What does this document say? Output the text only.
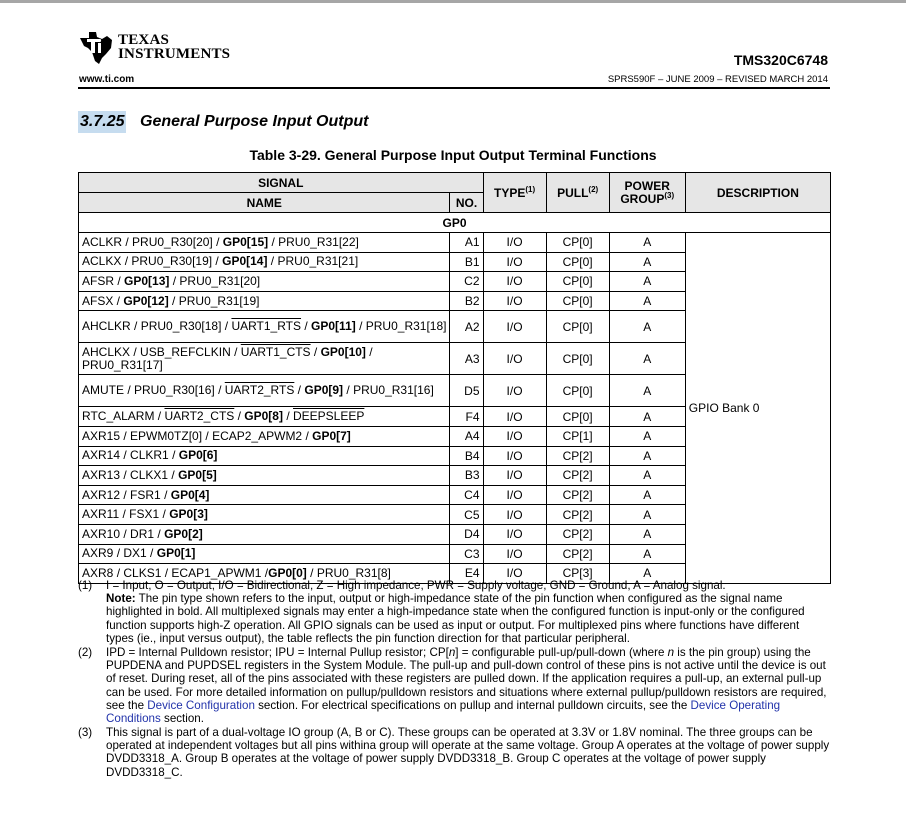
TEXAS
INSTRUMENTS
www.ti.com
TMS320C6748
SPRS590F – JUNE 2009 – REVISED MARCH 2014
3.7.25 General Purpose Input Output
Table 3-29. General Purpose Input Output Terminal Functions
SIGNAL		TYPE$^{(1)}$	PULL$^{(2)}$	POWER GROUP$^{(3)}$	DESCRIPTION
NAME	NO.				
GP0					
ACLKR / PRU0_R30[20] / GP0[15] / PRU0_R31[22]	A1	I/O	CP[0]	A	GPIO Bank 0
ACLKX / PRU0_R30[19] / GP0[14] / PRU0_R31[21]	B1	I/O	CP[0]	A	
AFSR / GP0[13] / PRU0_R31[20]	C2	I/O	CP[0]	A	
AFSX / GP0[12] / PRU0_R31[19]	B2	I/O	CP[0]	A	
AHCLKR / PRU0_R30[18] / UART1_RTS / GP0[11] / PRU0_R31[18]	A2	I/O	CP[0]	A	
AHCLKX / USB_REFCLKIN / UART1_CTS / GP0[10] / PRU0_R31[17]	A3	I/O	CP[0]	A	
AMUTE / PRU0_R30[16] / UART2_RTS / GP0[9] / PRU0_R31[16]	D5	I/O	CP[0]	A	
RTC_ALARM / UART2_CTS / GP0[8] / DEEPSLEEP	F4	I/O	CP[0]	A	
AXR15 / EPWM0TZ[0] / ECAP2_APWM2 / GP0[7]	A4	I/O	CP[1]	A	
AXR14 / CLKR1 / GP0[6]	B4	I/O	CP[2]	A	
AXR13 / CLKX1 / GP0[5]	B3	I/O	CP[2]	A	
AXR12 / FSR1 / GP0[4]	C4	I/O	CP[2]	A	
AXR11 / FSX1 / GP0[3]	C5	I/O	CP[2]	A	
AXR10 / DR1 / GP0[2]	D4	I/O	CP[2]	A	
AXR9 / DX1 / GP0[1]	C3	I/O	CP[2]	A	
AXR8 / CLKS1 / ECAP1_APWM1 /GP0[0] / PRU0_R31[8]	E4	I/O	CP[3]	A	
(1) I = Input, O = Output, I/O = Bidirectional, Z = High impedance, PWR = Supply voltage, GND = Ground, A = Analog signal.
Note: The pin type shown refers to the input, output or high-impedance state of the pin function when configured as the signal name highlighted in bold. All multiplexed signals may enter a high-impedance state when the configured function is input-only or the configured function supports high-Z operation. All GPIO signals can be used as input or output. For multiplexed pins where functions have different types (ie., input versus output), the table reflects the pin function direction for that particular peripheral.
(2) IPD = Internal Pulldown resistor; IPU = Internal Pullup resistor; CP[n] = configurable pull-up/pull-down (where n is the pin group) using the PUPDENA and PUPDSEL registers in the System Module. The pull-up and pull-down control of these pins is not active until the device is out of reset. During reset, all of the pins associated with these registers are pulled down. If the application requires a pull-up, an external pull-up can be used. For more detailed information on pullup/pulldown resistors and situations where external pullup/pulldown resistors are required, see the Device Configuration section. For electrical specifications on pullup and internal pulldown circuits, see the Device Operating Conditions section.
(3) This signal is part of a dual-voltage IO group (A, B or C). These groups can be operated at 3.3V or 1.8V nominal. The three groups can be operated at independent voltages but all pins withina group will operate at the same voltage. Group A operates at the voltage of power supply DVDD3318_A. Group B operates at the voltage of power supply DVDD3318_B. Group C operates at the voltage of power supply DVDD3318_C.
